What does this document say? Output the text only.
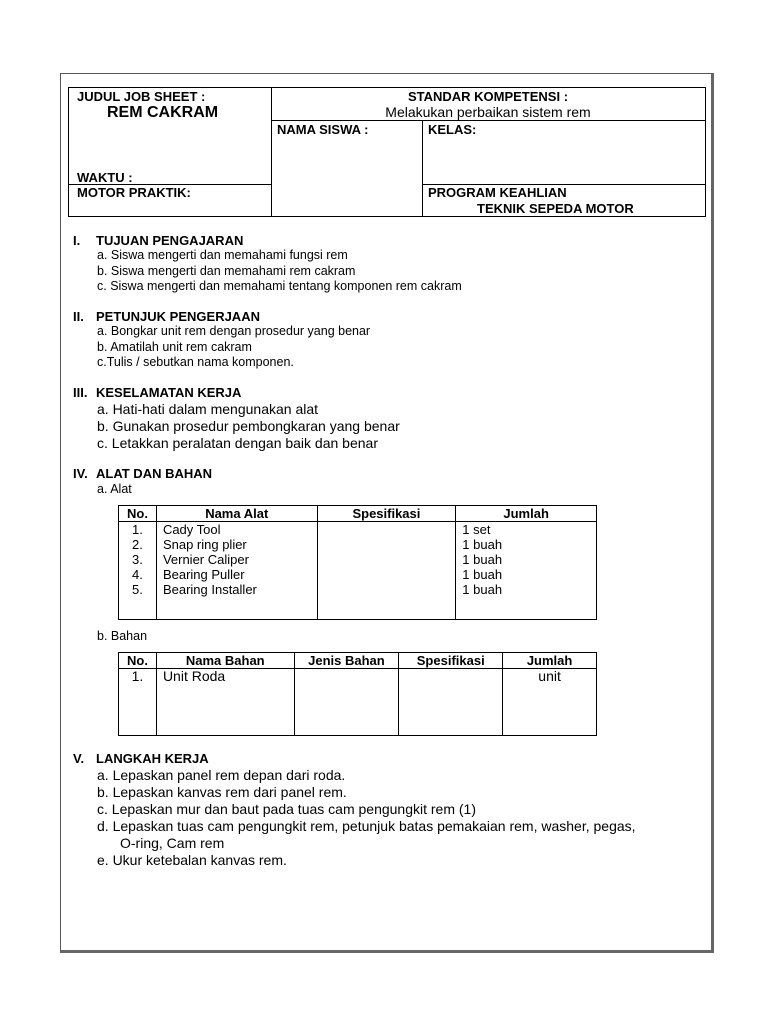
JUDUL JOB SHEET :
REM CAKRAM
WAKTU :
MOTOR PRAKTIK:
STANDAR KOMPETENSI :
Melakukan perbaikan sistem rem
NAMA SISWA :	KELAS:
PROGRAM KEAHLIAN
TEKNIK SEPEDA MOTOR
I. TUJUAN PENGAJARAN
a. Siswa mengerti dan memahami fungsi rem
b. Siswa mengerti dan memahami rem cakram
c. Siswa mengerti dan memahami tentang komponen rem cakram
II. PETUNJUK PENGERJAAN
a. Bongkar unit rem dengan prosedur yang benar
b. Amatilah unit rem cakram
c.Tulis / sebutkan nama komponen.
III. KESELAMATAN KERJA
a. Hati-hati dalam mengunakan alat
b. Gunakan prosedur pembongkaran yang benar
c. Letakkan peralatan dengan baik dan benar
IV. ALAT DAN BAHAN
a. Alat
No.	Nama Alat	Spesifikasi	Jumlah
1.	Cady Tool		1 set
2.	Snap ring plier		1 buah
3.	Vernier Caliper		1 buah
4.	Bearing Puller		1 buah
5.	Bearing Installer		1 buah

b. Bahan
No.	Nama Bahan	Jenis Bahan	Spesifikasi	Jumlah
1.	Unit Roda			unit
V. LANGKAH KERJA
a. Lepaskan panel rem depan dari roda.
b. Lepaskan kanvas rem dari panel rem.
c. Lepaskan mur dan baut pada tuas cam pengungkit rem (1)
d. Lepaskan tuas cam pengungkit rem, petunjuk batas pemakaian rem, washer, pegas,
O-ring, Cam rem
e. Ukur ketebalan kanvas rem.
